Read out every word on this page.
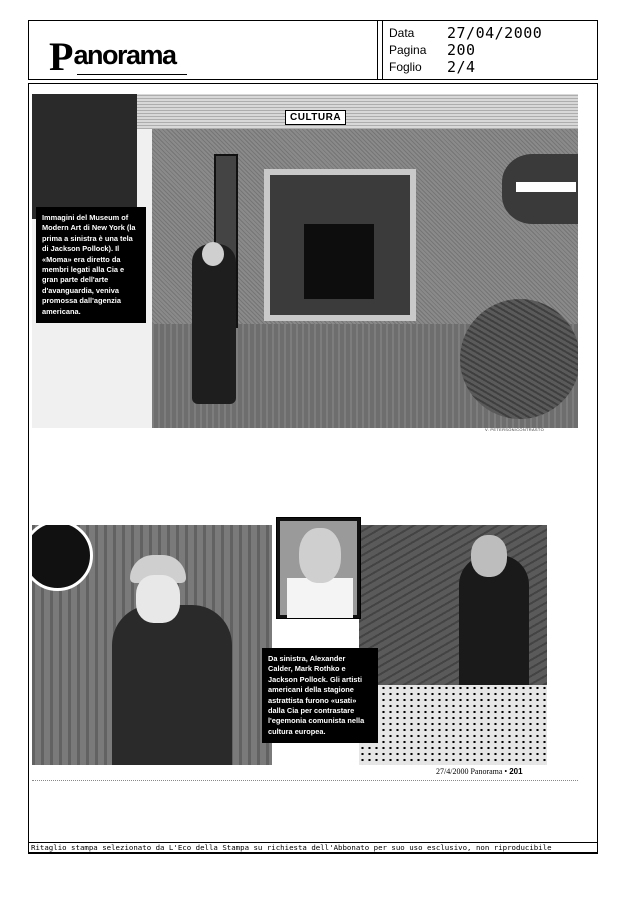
Panorama
Data	27/04/2000
Pagina	200
Foglio	2/4
CULTURA

Immagini del Museum of Modern Art di New York (la prima a sinistra è una tela di Jackson Pollock). Il «Moma» era diretto da membri legati alla Cia e gran parte dell'arte d'avanguardia, veniva promossa dall'agenzia americana.

V. PETERSON/CONTRASTO

Da sinistra, Alexander Calder, Mark Rothko e Jackson Pollock. Gli artisti americani della stagione astrattista furono «usati» dalla Cia per contrastare l'egemonia comunista nella cultura europea.

27/4/2000 Panorama • 201
Ritaglio stampa selezionato da L'Eco della Stampa su richiesta dell'Abbonato per suo uso esclusivo, non riproducibile
